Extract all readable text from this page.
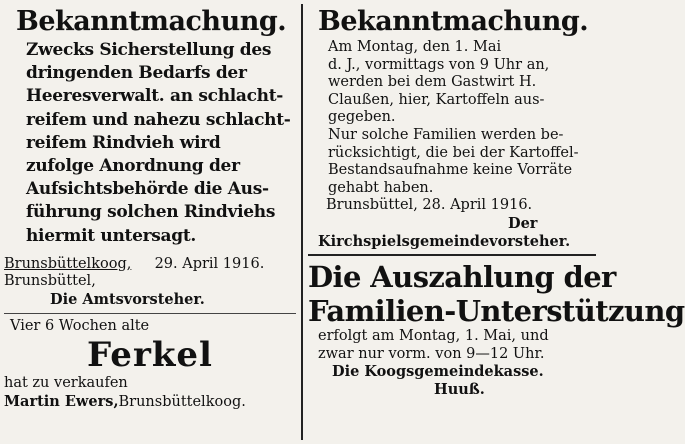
Bekanntmachung.
Zwecks Sicherstellung des
dringenden Bedarfs der
Heeresverwalt. an schlacht-
reifem und nahezu schlacht-
reifem Rindvieh wird
zufolge Anordnung der
Aufsichtsbehörde die Aus-
führung solchen Rindviehs
hiermit untersagt.
Brunsbüttelkoog, 29. April 1916.
Brunsbüttel,
Die Amtsvorsteher.
Vier 6 Wochen alte
Ferkel
hat zu verkaufen
Martin Ewers,Brunsbüttelkoog.
Bekanntmachung.
Am Montag, den 1. Mai
d. J., vormittags von 9 Uhr an,
werden bei dem Gastwirt H.
Claußen, hier, Kartoffeln aus-
gegeben.
Nur solche Familien werden be-
rücksichtigt, die bei der Kartoffel-
Bestandsaufnahme keine Vorräte
gehabt haben.
Brunsbüttel, 28. April 1916.
Der
Kirchspielsgemeindevorsteher.
Die Auszahlung der
Familien-Unterstützung
erfolgt am Montag, 1. Mai, und
zwar nur vorm. von 9—12 Uhr.
Die Koogsgemeindekasse.
Huuß.
